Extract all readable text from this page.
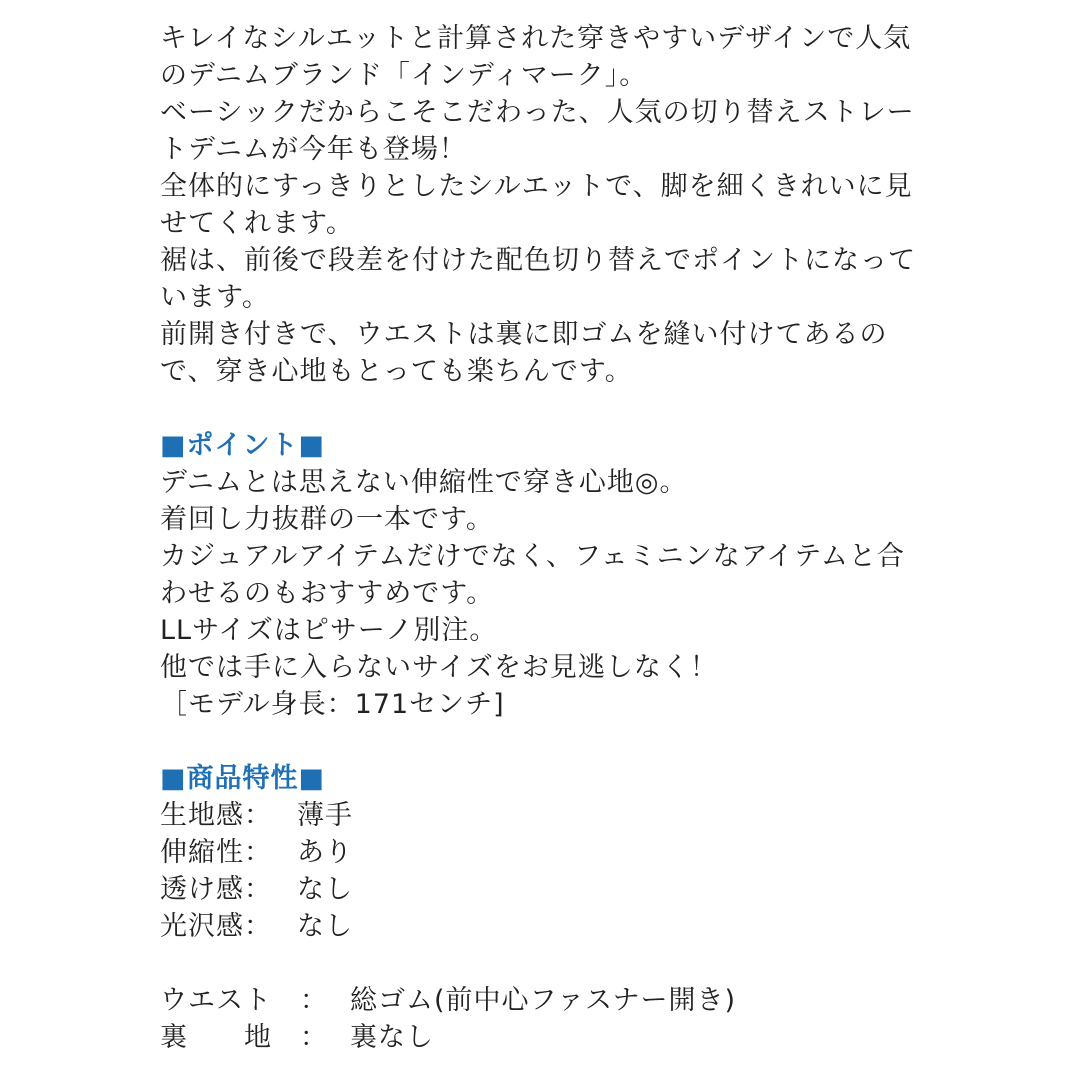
キレイなシルエットと計算された穿きやすいデザインで人気
のデニムブランド「インディマーク」。
ベーシックだからこそこだわった、人気の切り替えストレー
トデニムが今年も登場！
全体的にすっきりとしたシルエットで、脚を細くきれいに見
せてくれます。
裾は、前後で段差を付けた配色切り替えでポイントになって
います。
前開き付きで、ウエストは裏に即ゴムを縫い付けてあるの
で、穿き心地もとっても楽ちんです。
■ポイント■
デニムとは思えない伸縮性で穿き心地◎。
着回し力抜群の一本です。
カジュアルアイテムだけでなく、フェミニンなアイテムと合
わせるのもおすすめです。
LLサイズはピサーノ別注。
他では手に入らないサイズをお見逃しなく！
［モデル身長：171センチ]
■商品特性■
生地感： 薄手
伸縮性： あり
透け感： なし
光沢感： なし
ウエスト ： 総ゴム(前中心ファスナー開き)
裏　　地 ： 裏なし
